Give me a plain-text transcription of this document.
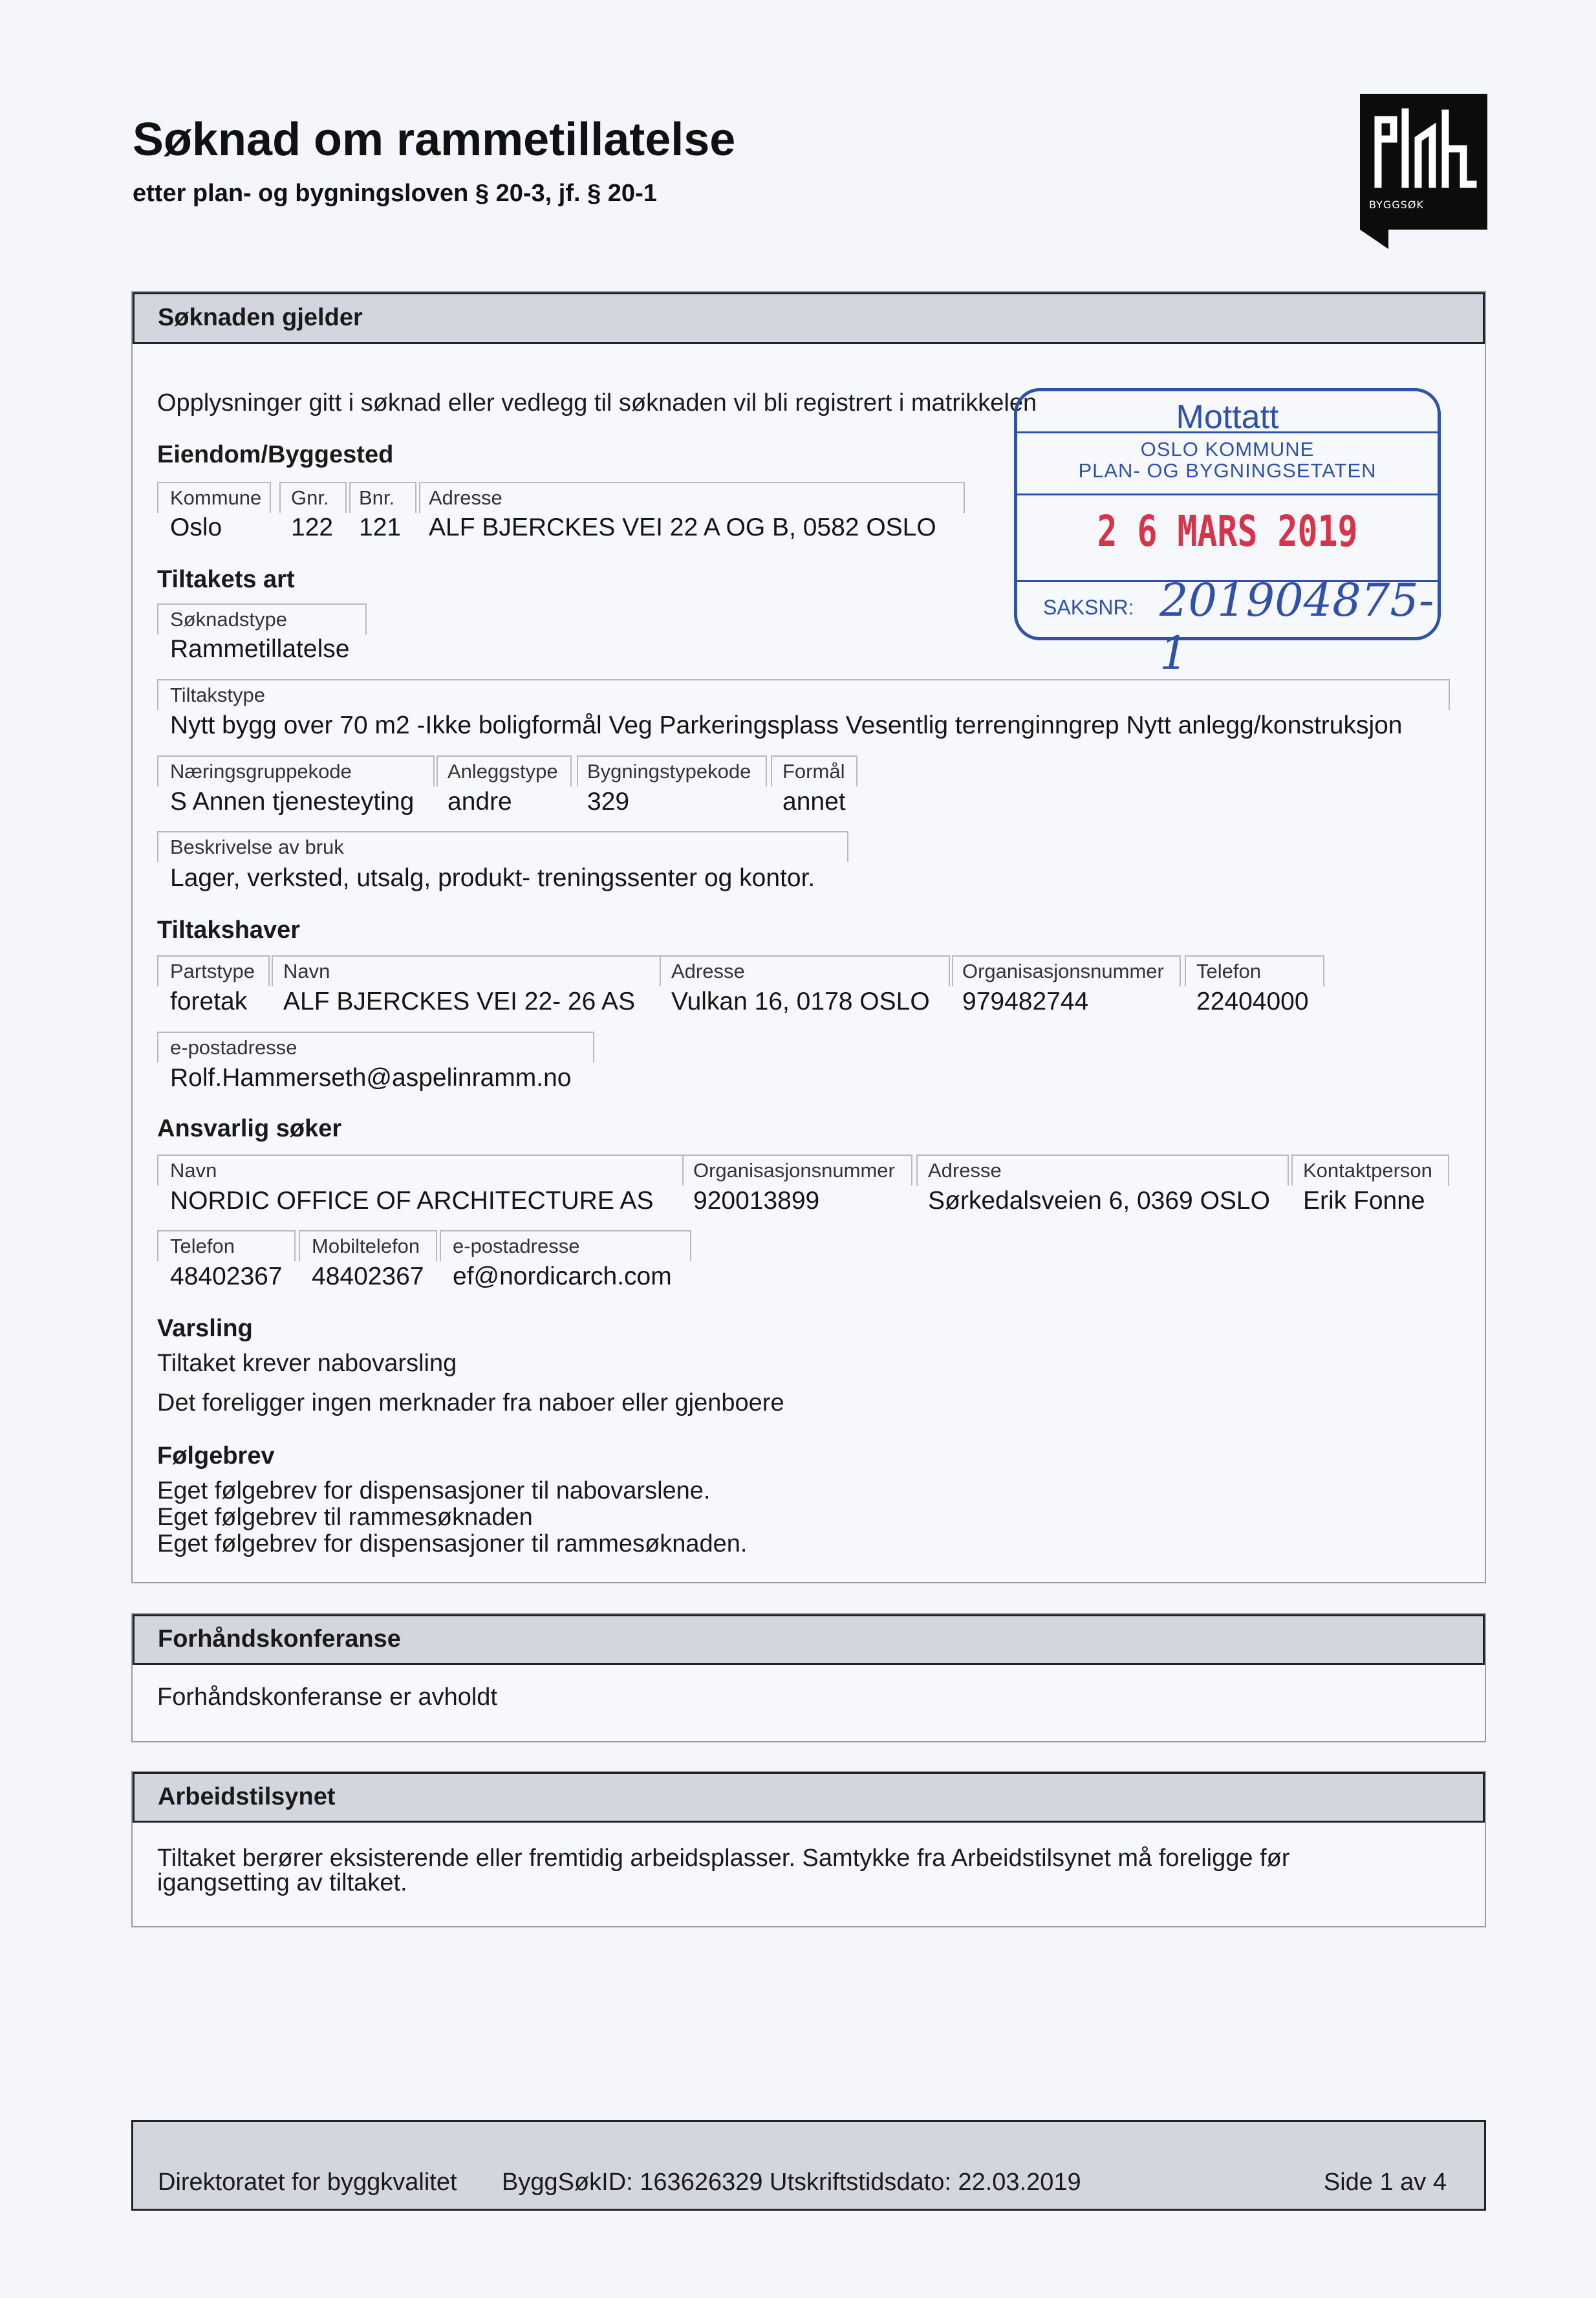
Søknad om rammetillatelse
etter plan- og bygningsloven § 20-3, jf. § 20-1	BYGGSØK
Søknaden gjelder
Opplysninger gitt i søknad eller vedlegg til søknaden vil bli registrert i matrikkelen
Eiendom/Byggested
Kommune
Oslo
Gnr.
122
Bnr.
121
Adresse
ALF BJERCKES VEI 22 A OG B, 0582 OSLO
Tiltakets art
Søknadstype
Rammetillatelse
Tiltakstype
Nytt bygg over 70 m2 -Ikke boligformål Veg Parkeringsplass Vesentlig terrenginngrep Nytt anlegg/konstruksjon
Næringsgruppekode
S Annen tjenesteyting
Anleggstype
andre
Bygningstypekode
329
Formål
annet
Beskrivelse av bruk
Lager, verksted, utsalg, produkt- treningssenter og kontor.
Tiltakshaver
Partstype
foretak
Navn
ALF BJERCKES VEI 22- 26 AS
Adresse
Vulkan 16, 0178 OSLO
Organisasjonsnummer
979482744
Telefon
22404000
e-postadresse
Rolf.Hammerseth@aspelinramm.no
Ansvarlig søker
Navn
NORDIC OFFICE OF ARCHITECTURE AS
Organisasjonsnummer
920013899
Adresse
Sørkedalsveien 6, 0369 OSLO
Kontaktperson
Erik Fonne
Telefon
48402367
Mobiltelefon
48402367
e-postadresse
ef@nordicarch.com
Varsling
Tiltaket krever nabovarsling
Det foreligger ingen merknader fra naboer eller gjenboere
Følgebrev
Eget følgebrev for dispensasjoner til nabovarslene.
Eget følgebrev til rammesøknaden
Eget følgebrev for dispensasjoner til rammesøknaden.
Mottatt
OSLO KOMMUNE
PLAN- OG BYGNINGSETATEN
2 6 MARS 2019
SAKSNR: 201904875-1
Forhåndskonferanse
Forhåndskonferanse er avholdt
Arbeidstilsynet
Tiltaket berører eksisterende eller fremtidig arbeidsplasser. Samtykke fra Arbeidstilsynet må foreligge før
igangsetting av tiltaket.
Direktoratet for byggkvalitet ByggSøkID: 163626329 Utskriftstidsdato: 22.03.2019	Side 1 av 4
